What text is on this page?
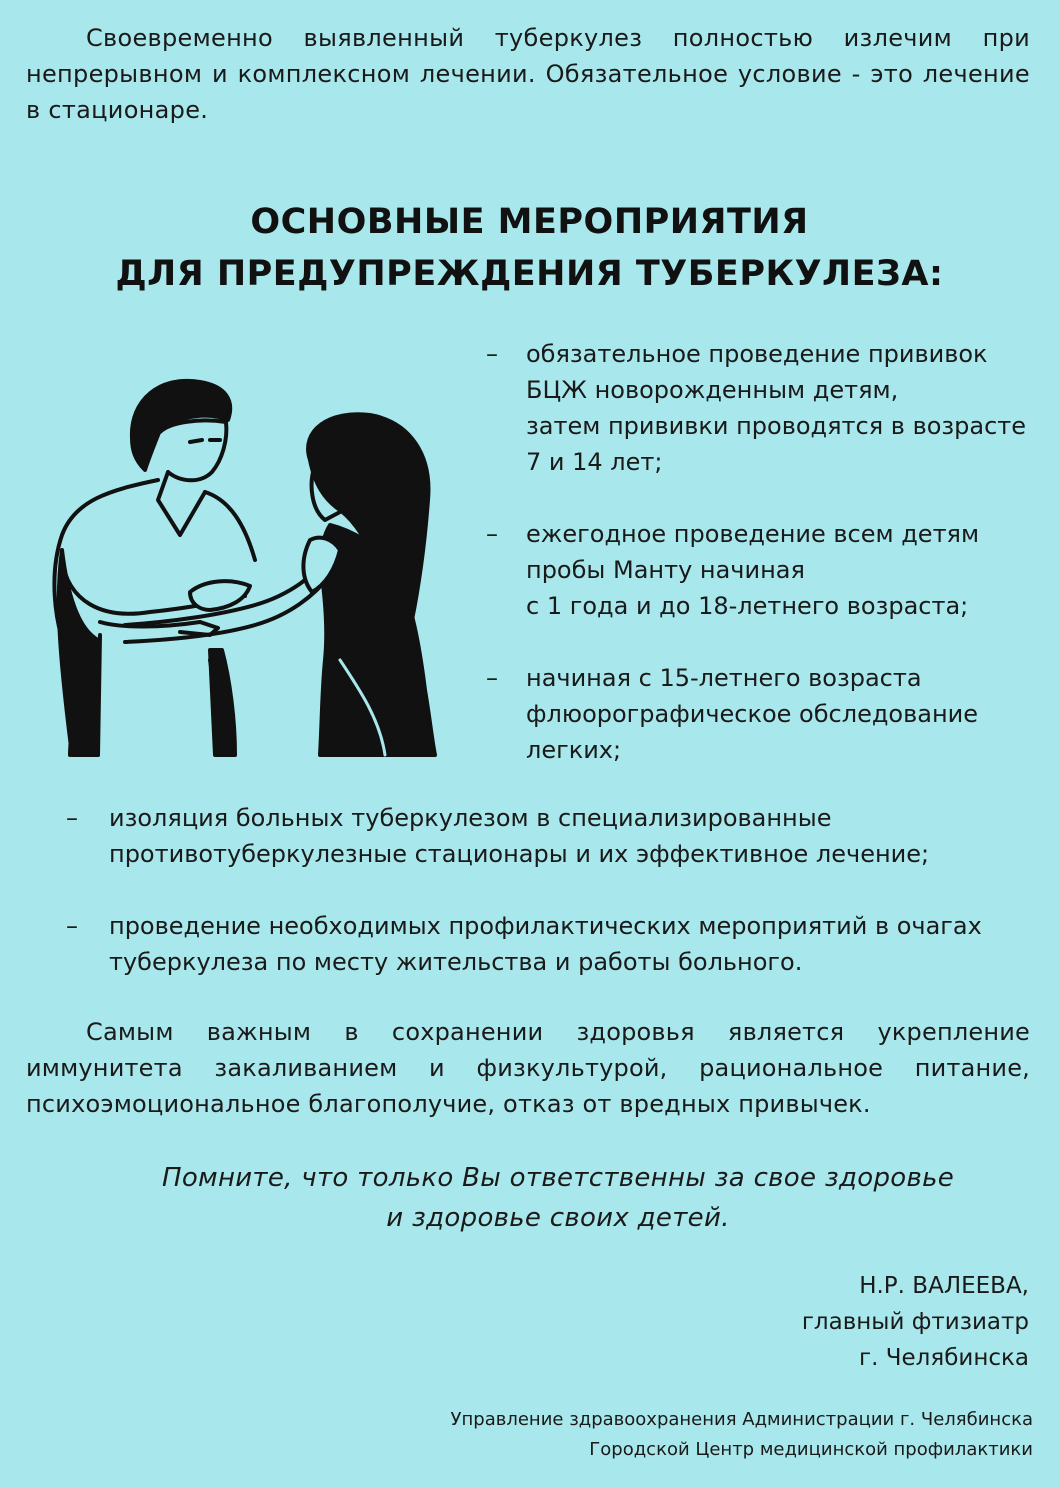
Своевременно выявленный туберкулез полностью излечим при непрерывном и комплексном лечении. Обязательное условие - это лечение в стационаре.
ОСНОВНЫЕ МЕРОПРИЯТИЯ
ДЛЯ ПРЕДУПРЕЖДЕНИЯ ТУБЕРКУЛЕЗА:
–	обязательное проведение прививок
БЦЖ новорожденным детям,
затем прививки проводятся в возрасте
7 и 14 лет;
–	ежегодное проведение всем детям
пробы Манту начиная
с 1 года и до 18-летнего возраста;
–	начиная с 15-летнего возраста
флюорографическое обследование
легких;
–	изоляция больных туберкулезом в специализированные
противотуберкулезные стационары и их эффективное лечение;
–	проведение необходимых профилактических мероприятий в очагах
туберкулеза по месту жительства и работы больного.
Самым важным в сохранении здоровья является укрепление иммунитета закаливанием и физкультурой, рациональное питание, психоэмоциональное благополучие, отказ от вредных привычек.
Помните, что только Вы ответственны за свое здоровье
и здоровье своих детей.
Н.Р. ВАЛЕЕВА,
главный фтизиатр
г. Челябинска
Управление здравоохранения Администрации г. Челябинска
Городской Центр медицинской профилактики
